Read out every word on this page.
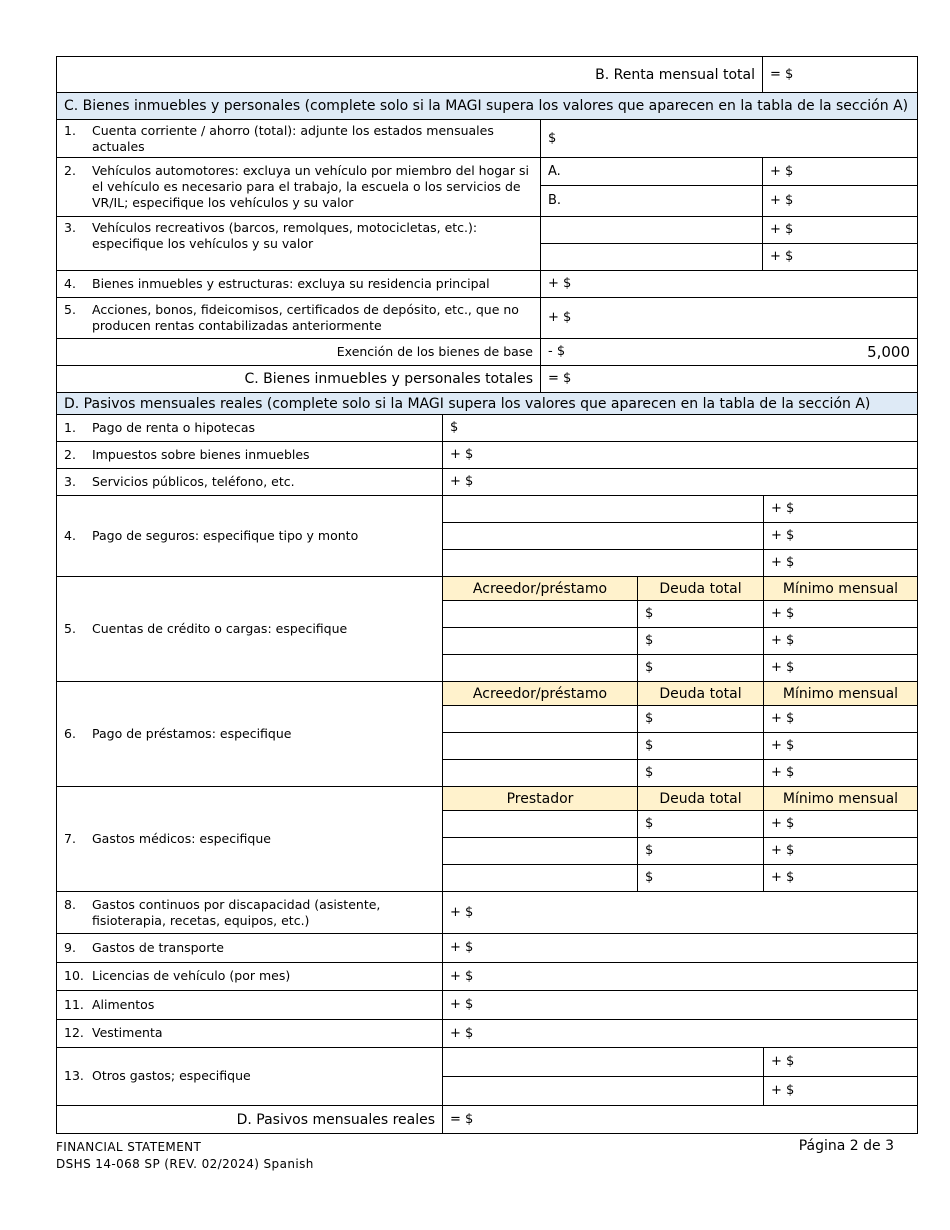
B. Renta mensual total		= $
C. Bienes inmuebles y personales (complete solo si la MAGI supera los valores que aparecen en la tabla de la sección A)		

1. Cuenta corriente / ahorro (total): adjunte los estados mensuales actuales	$	

2. Vehículos automotores: excluya un vehículo por miembro del hogar si el vehículo es necesario para el trabajo, la escuela o los servicios de VR/IL; especifique los vehículos y su valor	A.	+ $
	B.	+ $

3. Vehículos recreativos (barcos, remolques, motocicletas, etc.): especifique los vehículos y su valor		+ $
		+ $

4. Bienes inmuebles y estructuras: excluya su residencia principal	+ $	

5. Acciones, bonos, fideicomisos, certificados de depósito, etc., que no producen rentas contabilizadas anteriormente	+ $	
Exención de los bienes de base	- $ 5,000	

C. Bienes inmuebles y personales totales	= $	
D. Pasivos mensuales reales (complete solo si la MAGI supera los valores que aparecen en la tabla de la sección A)			
1. Pago de renta o hipotecas	$		
2. Impuestos sobre bienes inmuebles	+ $		
3. Servicios públicos, teléfono, etc.	+ $		
4. Pago de seguros: especifique tipo y monto			+ $
			+ $
			+ $
5. Cuentas de crédito o cargas: especifique	Acreedor/préstamo	Deuda total	Mínimo mensual
		$	+ $
		$	+ $
		$	+ $
6. Pago de préstamos: especifique	Acreedor/préstamo	Deuda total	Mínimo mensual
		$	+ $
		$	+ $
		$	+ $
7. Gastos médicos: especifique	Prestador	Deuda total	Mínimo mensual
		$	+ $
		$	+ $
		$	+ $

8. Gastos continuos por discapacidad (asistente, fisioterapia, recetas, equipos, etc.)	+ $		
9. Gastos de transporte	+ $		
10. Licencias de vehículo (por mes)	+ $		
11. Alimentos	+ $		
12. Vestimenta	+ $		
13. Otros gastos; especifique			+ $
			+ $
D. Pasivos mensuales reales	= $		
FINANCIAL STATEMENT
DSHS 14-068 SP (REV. 02/2024) Spanish
Página 2 de 3
